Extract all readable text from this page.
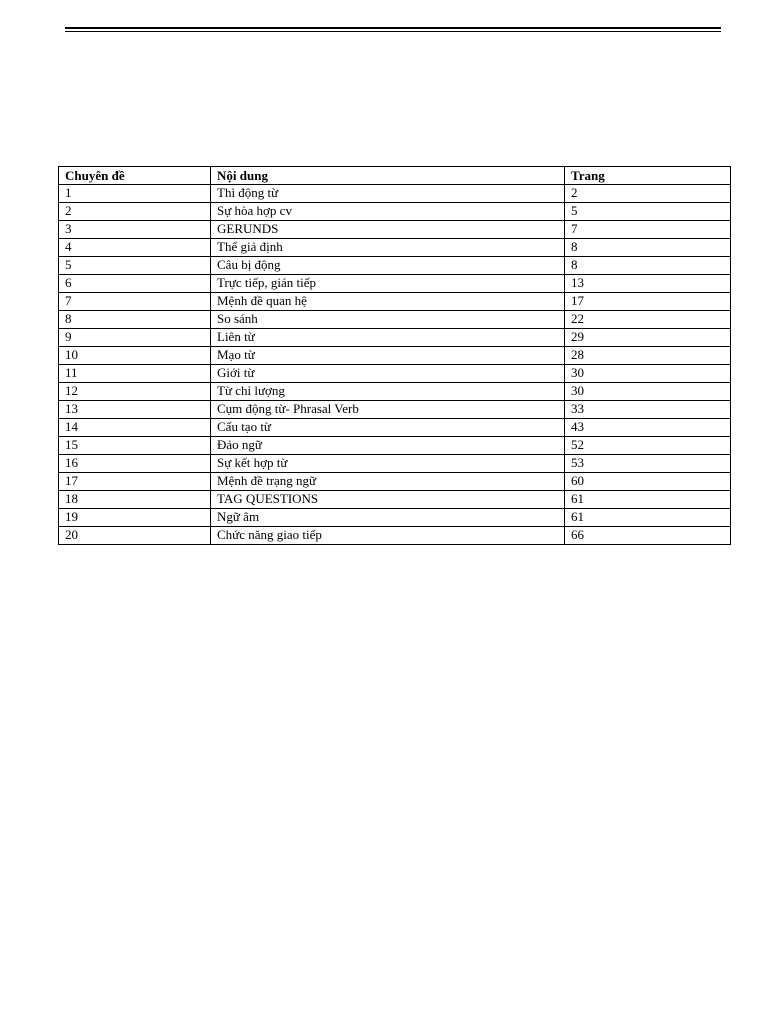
Chuyên đề	Nội dung	Trang
1	Thì động từ	2
2	Sự hòa hợp cv	5
3	GERUNDS	7
4	Thể giả định	8
5	Câu bị động	8
6	Trực tiếp, gián tiếp	13
7	Mệnh đề quan hệ	17
8	So sánh	22
9	Liên từ	29
10	Mạo từ	28
11	Giới từ	30
12	Từ chỉ lượng	30
13	Cụm động từ- Phrasal Verb	33
14	Cấu tạo từ	43
15	Đảo ngữ	52
16	Sự kết hợp từ	53
17	Mệnh đề trạng ngữ	60
18	TAG QUESTIONS	61
19	Ngữ âm	61
20	Chức năng giao tiếp	66
